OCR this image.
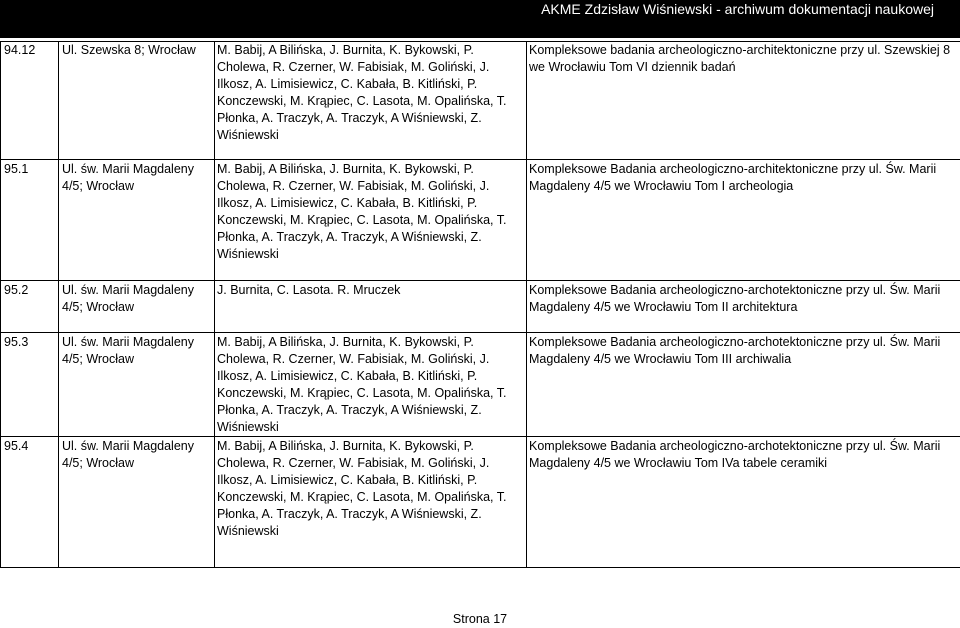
AKME Zdzisław Wiśniewski - archiwum dokumentacji naukowej
94.12	Ul. Szewska 8; Wrocław	M. Babij, A Bilińska, J. Burnita, K. Bykowski, P. Cholewa, R. Czerner, W. Fabisiak, M. Goliński, J. Ilkosz, A. Limisiewicz, C. Kabała, B. Kitliński, P. Konczewski, M. Krąpiec, C. Lasota, M. Opalińska, T. Płonka, A. Traczyk, A. Traczyk, A Wiśniewski, Z. Wiśniewski	Kompleksowe badania archeologiczno-architektoniczne przy ul. Szewskiej 8 we Wrocławiu Tom VI dziennik badań
95.1	Ul. św. Marii Magdaleny 4/5; Wrocław	M. Babij, A Bilińska, J. Burnita, K. Bykowski, P. Cholewa, R. Czerner, W. Fabisiak, M. Goliński, J. Ilkosz, A. Limisiewicz, C. Kabała, B. Kitliński, P. Konczewski, M. Krąpiec, C. Lasota, M. Opalińska, T. Płonka, A. Traczyk, A. Traczyk, A Wiśniewski, Z. Wiśniewski	Kompleksowe Badania archeologiczno-architektoniczne przy ul. Św. Marii Magdaleny 4/5 we Wrocławiu Tom I archeologia
95.2	Ul. św. Marii Magdaleny 4/5; Wrocław	J. Burnita, C. Lasota. R. Mruczek	Kompleksowe Badania archeologiczno-archotektoniczne przy ul. Św. Marii Magdaleny 4/5 we Wrocławiu Tom II architektura
95.3	Ul. św. Marii Magdaleny 4/5; Wrocław	M. Babij, A Bilińska, J. Burnita, K. Bykowski, P. Cholewa, R. Czerner, W. Fabisiak, M. Goliński, J. Ilkosz, A. Limisiewicz, C. Kabała, B. Kitliński, P. Konczewski, M. Krąpiec, C. Lasota, M. Opalińska, T. Płonka, A. Traczyk, A. Traczyk, A Wiśniewski, Z. Wiśniewski	Kompleksowe Badania archeologiczno-archotektoniczne przy ul. Św. Marii Magdaleny 4/5 we Wrocławiu Tom III archiwalia
95.4	Ul. św. Marii Magdaleny 4/5; Wrocław	M. Babij, A Bilińska, J. Burnita, K. Bykowski, P. Cholewa, R. Czerner, W. Fabisiak, M. Goliński, J. Ilkosz, A. Limisiewicz, C. Kabała, B. Kitliński, P. Konczewski, M. Krąpiec, C. Lasota, M. Opalińska, T. Płonka, A. Traczyk, A. Traczyk, A Wiśniewski, Z. Wiśniewski	Kompleksowe Badania archeologiczno-archotektoniczne przy ul. Św. Marii Magdaleny 4/5 we Wrocławiu Tom IVa tabele ceramiki
Strona 17
